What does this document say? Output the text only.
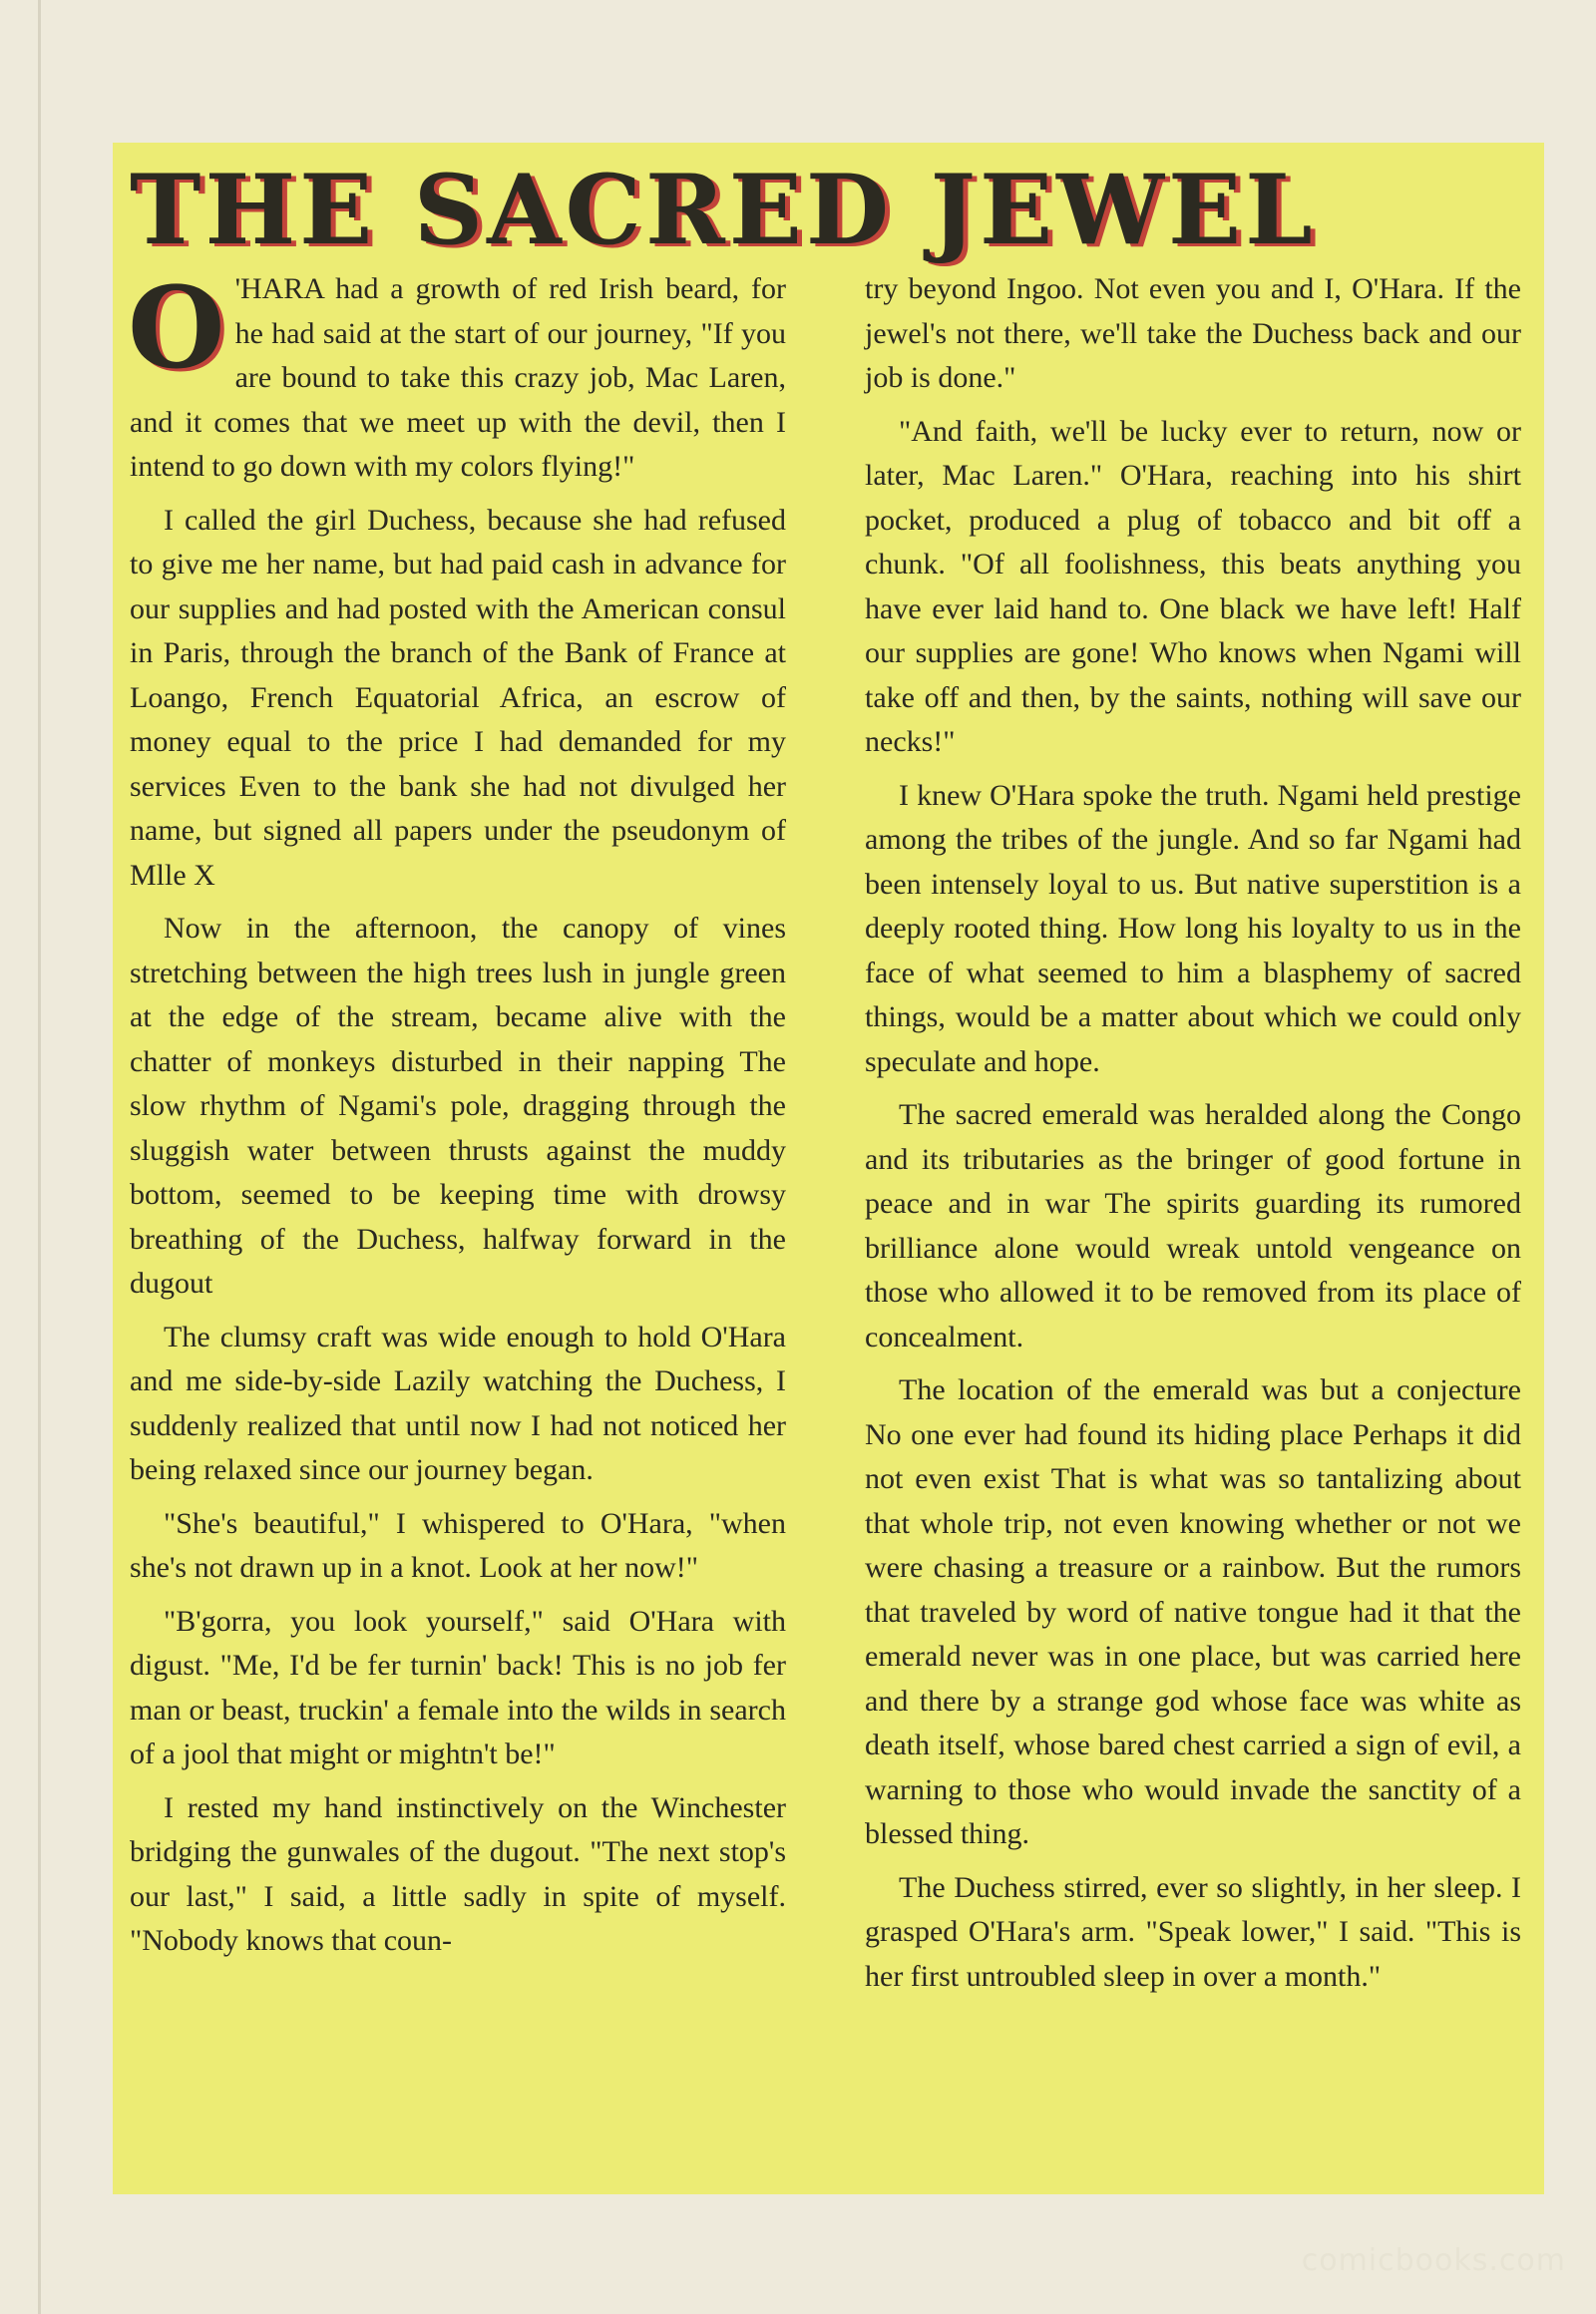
THE SACRED JEWEL

O 'HARA had a growth of red Irish beard, for he had said at the start of our journey, "If you are bound to take this crazy job, Mac Laren, and it comes that we meet up with the devil, then I intend to go down with my colors flying!"

I called the girl Duchess, because she had refused to give me her name, but had paid cash in advance for our supplies and had posted with the American consul in Paris, through the branch of the Bank of France at Loango, French Equatorial Africa, an escrow of money equal to the price I had demanded for my services Even to the bank she had not divulged her name, but signed all papers under the pseudonym of Mlle X

Now in the afternoon, the canopy of vines stretching between the high trees lush in jungle green at the edge of the stream, became alive with the chatter of monkeys disturbed in their napping The slow rhythm of Ngami's pole, dragging through the sluggish water between thrusts against the muddy bottom, seemed to be keeping time with drowsy breathing of the Duchess, halfway forward in the dugout

The clumsy craft was wide enough to hold O'Hara and me side-by-side Lazily watching the Duchess, I suddenly realized that until now I had not noticed her being relaxed since our journey began.

"She's beautiful," I whispered to O'Hara, "when she's not drawn up in a knot. Look at her now!"

"B'gorra, you look yourself," said O'Hara with digust. "Me, I'd be fer turnin' back! This is no job fer man or beast, truckin' a female into the wilds in search of a jool that might or mightn't be!"

I rested my hand instinctively on the Winchester bridging the gunwales of the dugout. "The next stop's our last," I said, a little sadly in spite of myself. "Nobody knows that coun-

try beyond Ingoo. Not even you and I, O'Hara. If the jewel's not there, we'll take the Duchess back and our job is done."

"And faith, we'll be lucky ever to return, now or later, Mac Laren." O'Hara, reaching into his shirt pocket, produced a plug of tobacco and bit off a chunk. "Of all foolishness, this beats anything you have ever laid hand to. One black we have left! Half our supplies are gone! Who knows when Ngami will take off and then, by the saints, nothing will save our necks!"

I knew O'Hara spoke the truth. Ngami held prestige among the tribes of the jungle. And so far Ngami had been intensely loyal to us. But native superstition is a deeply rooted thing. How long his loyalty to us in the face of what seemed to him a blasphemy of sacred things, would be a matter about which we could only speculate and hope.

The sacred emerald was heralded along the Congo and its tributaries as the bringer of good fortune in peace and in war The spirits guarding its rumored brilliance alone would wreak untold vengeance on those who allowed it to be removed from its place of concealment.

The location of the emerald was but a conjecture No one ever had found its hiding place Perhaps it did not even exist That is what was so tantalizing about that whole trip, not even knowing whether or not we were chasing a treasure or a rainbow. But the rumors that traveled by word of native tongue had it that the emerald never was in one place, but was carried here and there by a strange god whose face was white as death itself, whose bared chest carried a sign of evil, a warning to those who would invade the sanctity of a blessed thing.

The Duchess stirred, ever so slightly, in her sleep. I grasped O'Hara's arm. "Speak lower," I said. "This is her first untroubled sleep in over a month."

comicbooks.com
